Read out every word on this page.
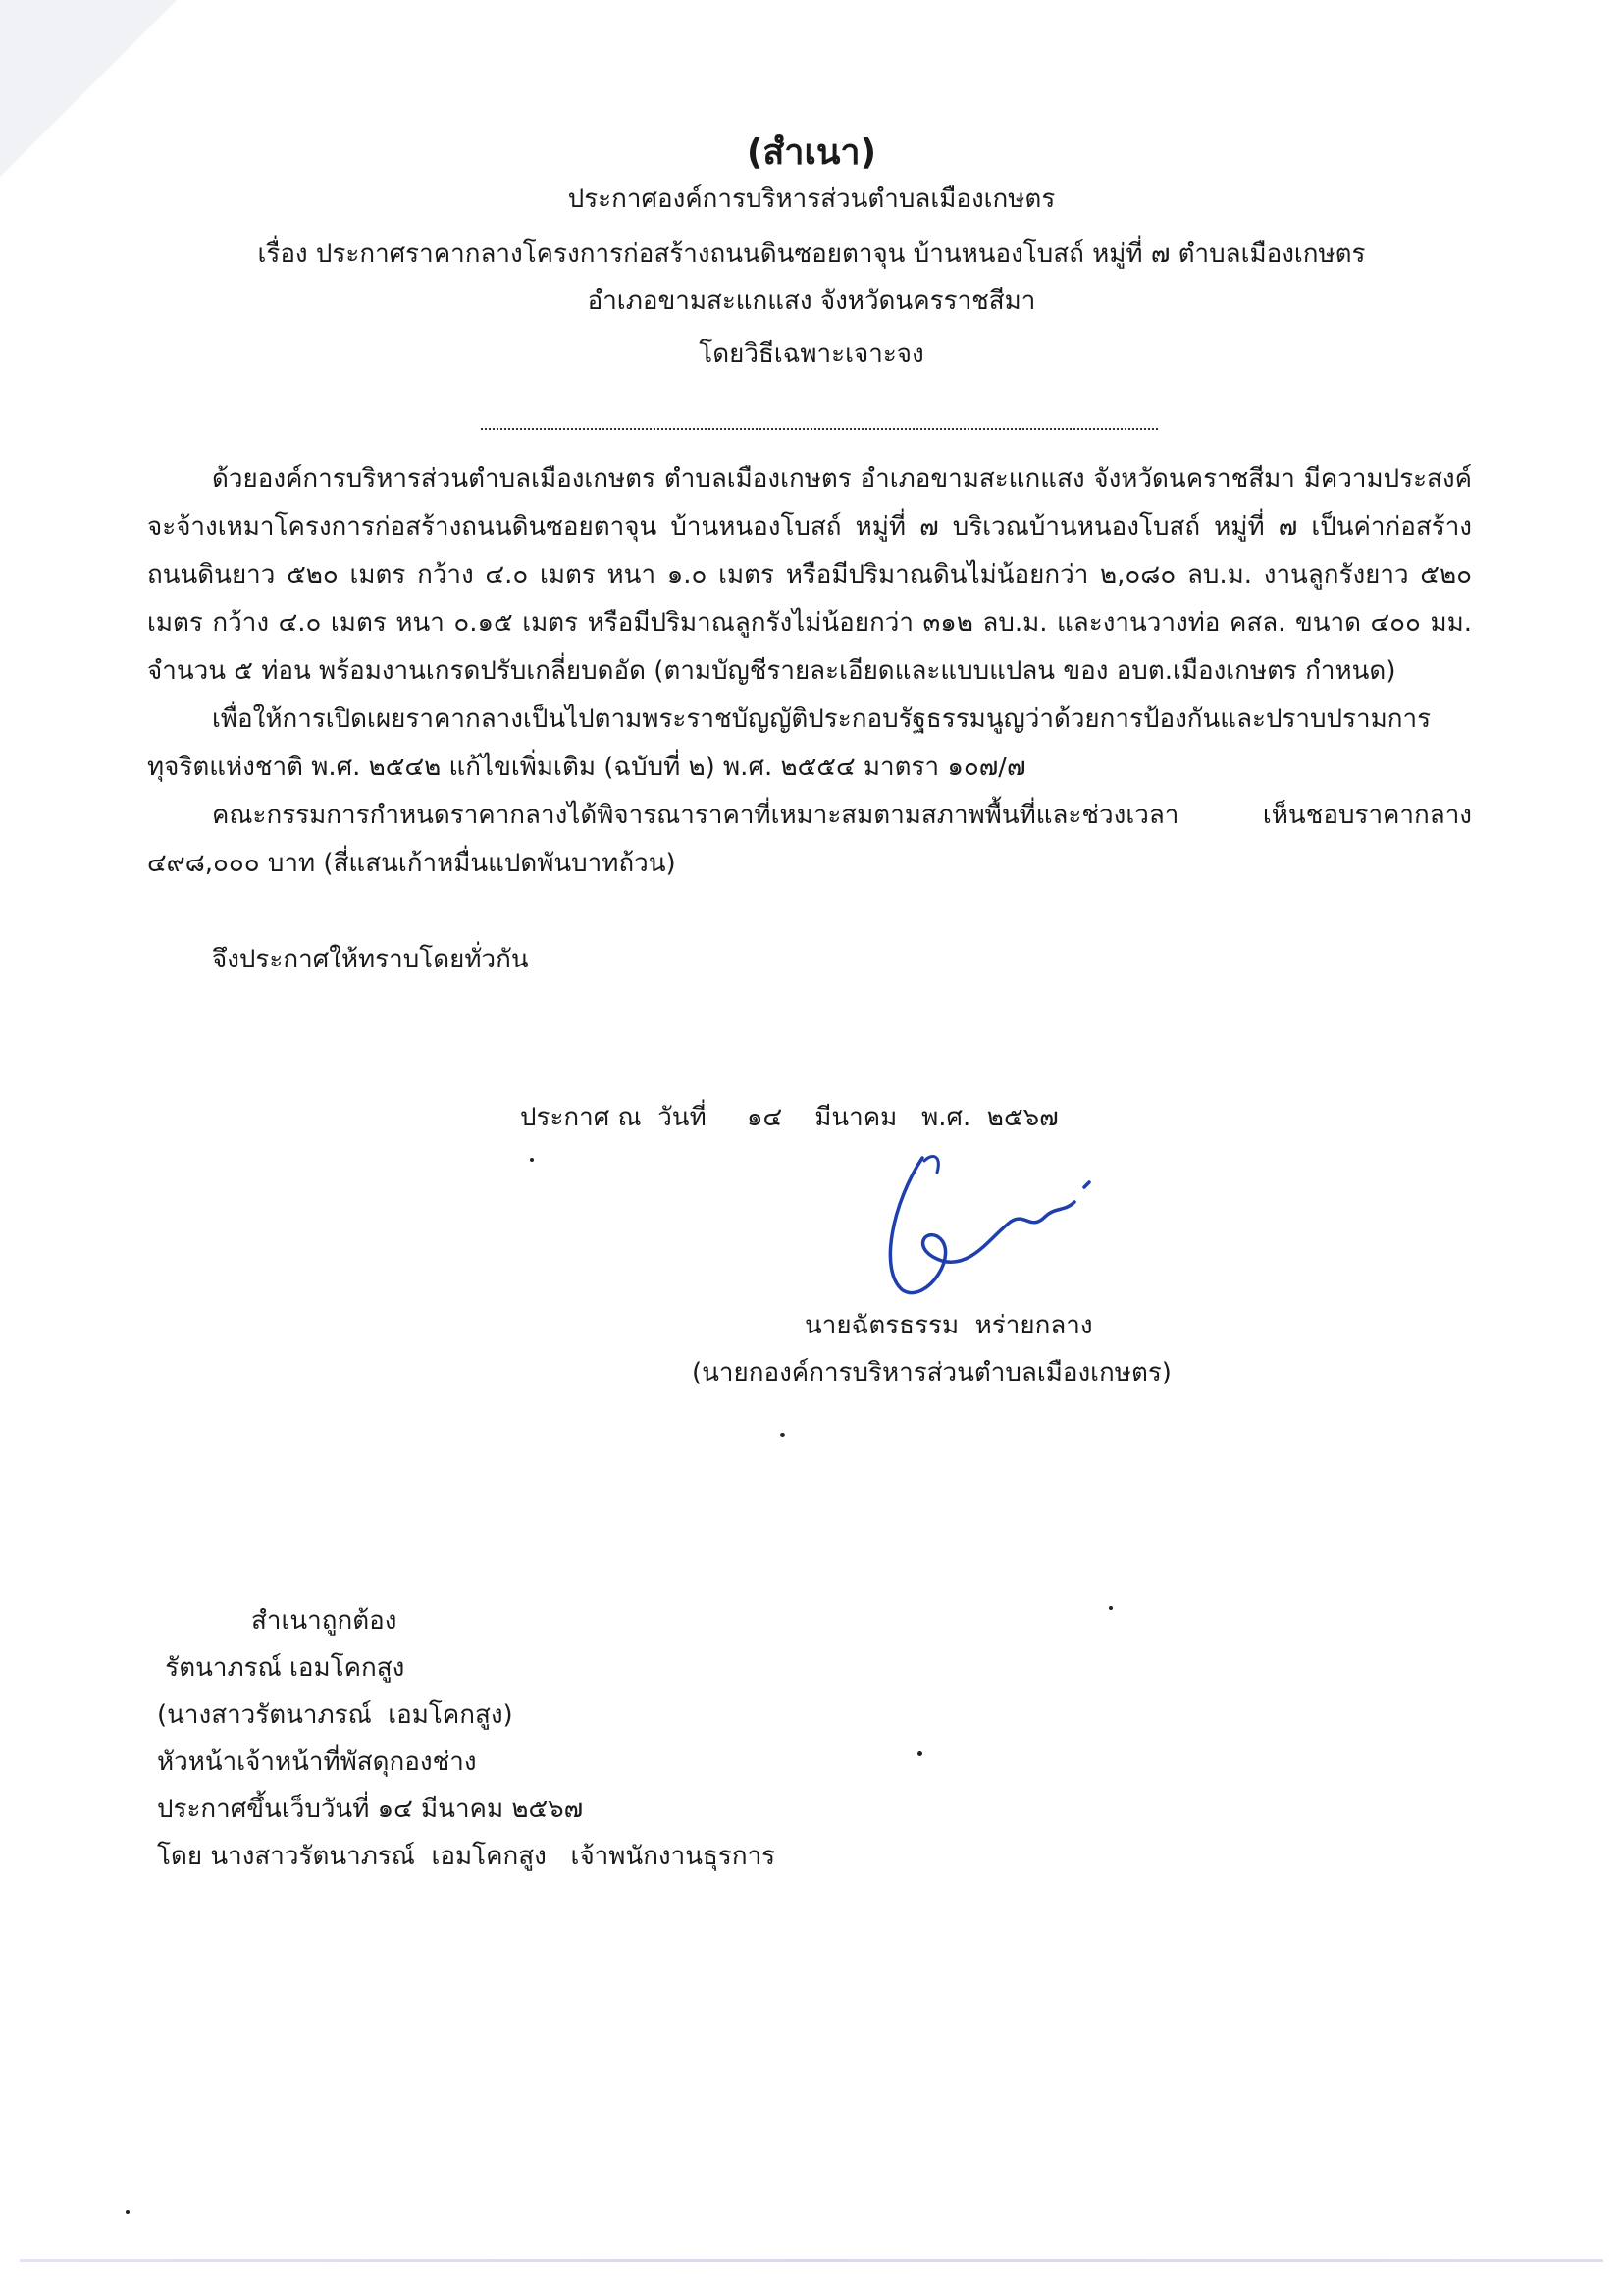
(สำเนา)
ประกาศองค์การบริหารส่วนตำบลเมืองเกษตร
เรื่อง ประกาศราคากลางโครงการก่อสร้างถนนดินซอยตาจุน บ้านหนองโบสถ์ หมู่ที่ ๗ ตำบลเมืองเกษตร
อำเภอขามสะแกแสง จังหวัดนครราชสีมา
โดยวิธีเฉพาะเจาะจง

ด้วยองค์การบริหารส่วนตำบลเมืองเกษตร ตำบลเมืองเกษตร อำเภอขามสะแกแสง จังหวัดนคราชสีมา มีความประสงค์จะจ้างเหมาโครงการก่อสร้างถนนดินซอยตาจุน บ้านหนองโบสถ์ หมู่ที่ ๗ บริเวณบ้านหนองโบสถ์ หมู่ที่ ๗ เป็นค่าก่อสร้างถนนดินยาว ๕๒๐ เมตร กว้าง ๔.๐ เมตร หนา ๑.๐ เมตร หรือมีปริมาณดินไม่น้อยกว่า ๒,๐๘๐ ลบ.ม. งานลูกรังยาว ๕๒๐ เมตร กว้าง ๔.๐ เมตร หนา ๐.๑๕ เมตร หรือมีปริมาณลูกรังไม่น้อยกว่า ๓๑๒ ลบ.ม. และงานวางท่อ คสล. ขนาด ๔๐๐ มม. จำนวน ๕ ท่อน พร้อมงานเกรดปรับเกลี่ยบดอัด (ตามบัญชีรายละเอียดและแบบแปลน ของ อบต.เมืองเกษตร กำหนด)

เพื่อให้การเปิดเผยราคากลางเป็นไปตามพระราชบัญญัติประกอบรัฐธรรมนูญว่าด้วยการป้องกันและปราบปรามการทุจริตแห่งชาติ พ.ศ. ๒๕๔๒ แก้ไขเพิ่มเติม (ฉบับที่ ๒) พ.ศ. ๒๕๕๔ มาตรา ๑๐๗/๗

คณะกรรมการกำหนดราคากลางได้พิจารณาราคาที่เหมาะสมตามสภาพพื้นที่และช่วงเวลา เห็นชอบราคากลาง ๔๙๘,๐๐๐ บาท (สี่แสนเก้าหมื่นแปดพันบาทถ้วน)

จึงประกาศให้ทราบโดยทั่วกัน

ประกาศ ณ  วันที่     ๑๔    มีนาคม   พ.ศ.  ๒๕๖๗
นายฉัตรธรรม  หร่ายกลาง
(นายกองค์การบริหารส่วนตำบลเมืองเกษตร)
สำเนาถูกต้อง
รัตนาภรณ์ เอมโคกสูง
(นางสาวรัตนาภรณ์  เอมโคกสูง)
หัวหน้าเจ้าหน้าที่พัสดุกองช่าง
ประกาศขึ้นเว็บวันที่ ๑๔ มีนาคม ๒๕๖๗
โดย นางสาวรัตนาภรณ์  เอมโคกสูง   เจ้าพนักงานธุรการ
